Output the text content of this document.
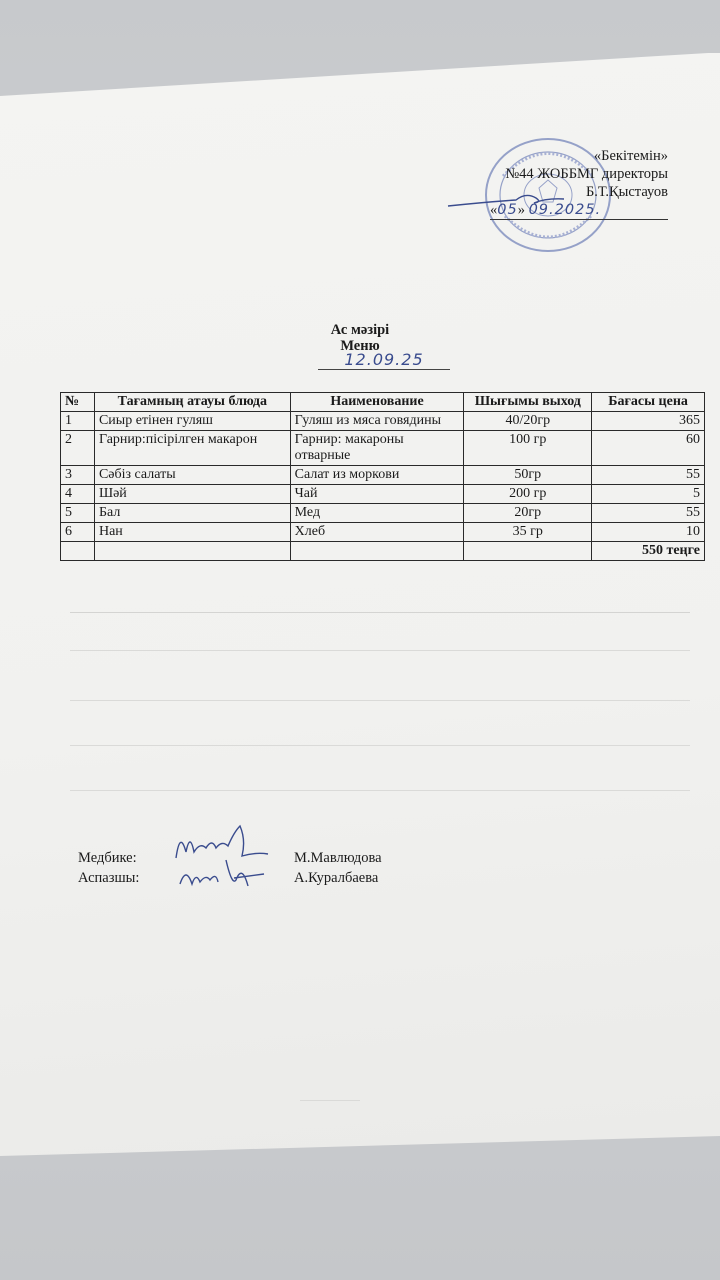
«Бекітемін»
№44 ЖОББМГ директоры
Б.Т.Қыстауов
«05» 09.2025.
Ас мәзірі
Меню
12.09.25
№	Тағамның атауы блюда	Наименование	Шығымы выход	Бағасы цена
1	Сиыр етінен гуляш	Гуляш из мяса говядины	40/20гр	365
2	Гарнир:пісірілген макарон	Гарнир: макароны отварные	100 гр	60
3	Сәбіз салаты	Салат из моркови	50гр	55
4	Шәй	Чай	200 гр	5
5	Бал	Мед	20гр	55
6	Нан	Хлеб	35 гр	10
				550 теңге
Медбике:	М.Мавлюдова
Аспазшы:	А.Куралбаева
